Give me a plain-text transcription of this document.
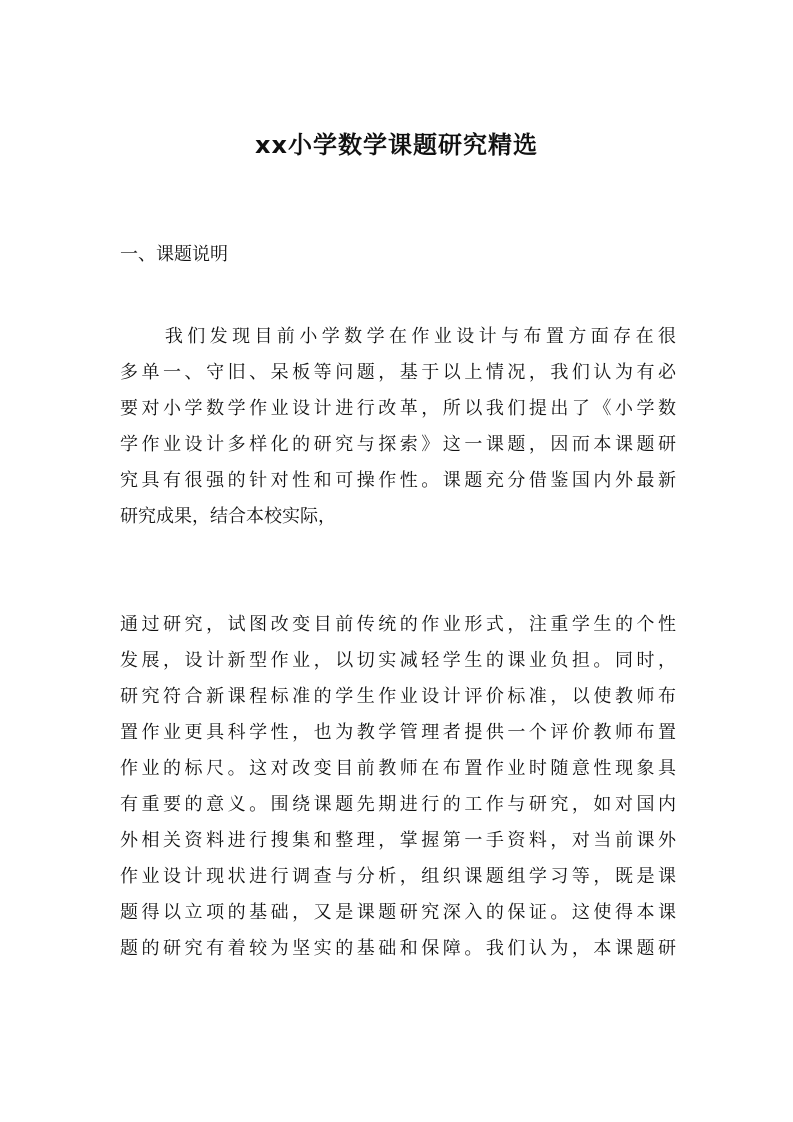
xx小学数学课题研究精选
一、课题说明
　　我们发现目前小学数学在作业设计与布置方面存在很
多单一、守旧、呆板等问题，基于以上情况，我们认为有必
要对小学数学作业设计进行改革，所以我们提出了《小学数
学作业设计多样化的研究与探索》这一课题，因而本课题研
究具有很强的针对性和可操作性。课题充分借鉴国内外最新
研究成果，结合本校实际，
通过研究，试图改变目前传统的作业形式，注重学生的个性
发展，设计新型作业，以切实减轻学生的课业负担。同时，
研究符合新课程标准的学生作业设计评价标准，以使教师布
置作业更具科学性，也为教学管理者提供一个评价教师布置
作业的标尺。这对改变目前教师在布置作业时随意性现象具
有重要的意义。围绕课题先期进行的工作与研究，如对国内
外相关资料进行搜集和整理，掌握第一手资料，对当前课外
作业设计现状进行调查与分析，组织课题组学习等，既是课
题得以立项的基础，又是课题研究深入的保证。这使得本课
题的研究有着较为坚实的基础和保障。我们认为，本课题研
